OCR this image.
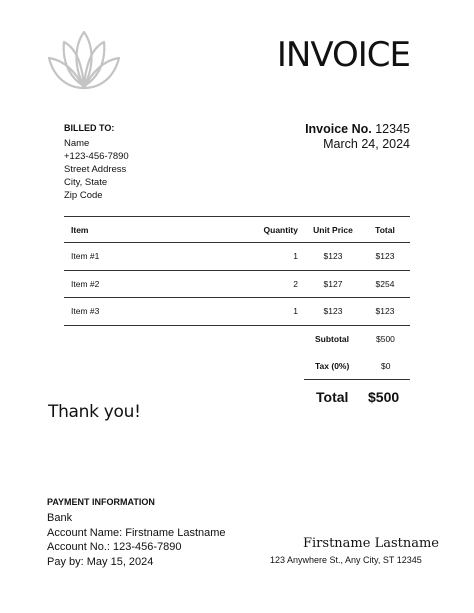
INVOICE
BILLED TO:
Name
+123-456-7890
Street Address
City, State
Zip Code
Invoice No. 12345
March 24, 2024
Item	Quantity	Unit Price	Total
Item #1	1	$123	$123
Item #2	2	$127	$254
Item #3	1	$123	$123
Subtotal	$500
Tax (0%)	$0
Total $500
Thank you!
PAYMENT INFORMATION
Bank
Account Name: Firstname Lastname
Account No.: 123-456-7890
Pay by: May 15, 2024
Firstname Lastname
123 Anywhere St., Any City, ST 12345
